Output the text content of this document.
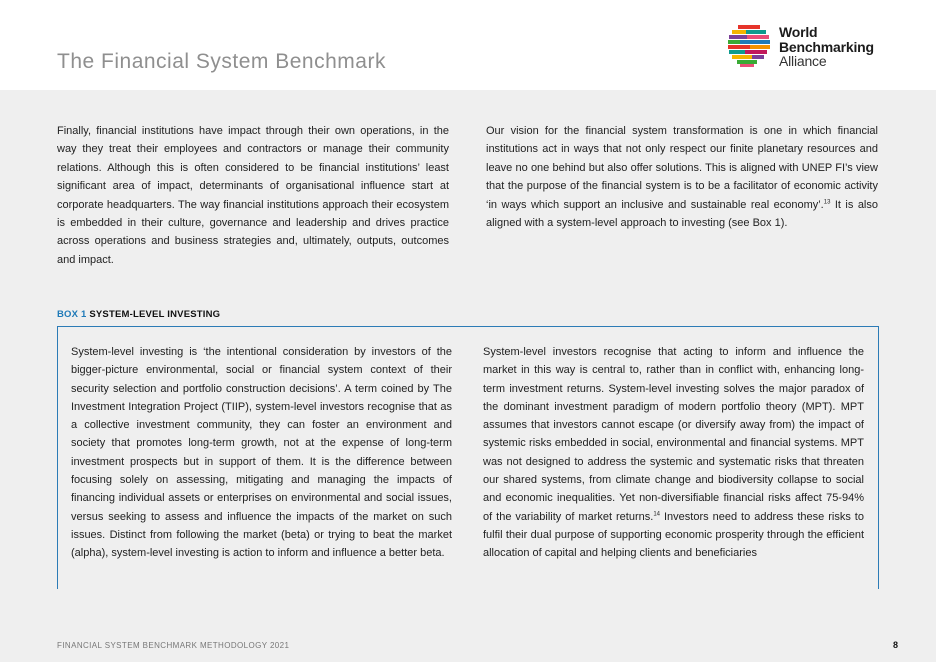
The Financial System Benchmark
World
Benchmarking
Alliance

Finally, financial institutions have impact through their own operations, in the way they treat their employees and contractors or manage their community relations. Although this is often considered to be financial institutions’ least significant area of impact, determinants of organisational influence start at corporate headquarters. The way financial institutions approach their ecosystem is embedded in their culture, governance and leadership and drives practice across operations and business strategies and, ultimately, outputs, outcomes and impact.

Our vision for the financial system transformation is one in which financial institutions act in ways that not only respect our finite planetary resources and leave no one behind but also offer solutions. This is aligned with UNEP FI’s view that the purpose of the financial system is to be a facilitator of economic activity ‘in ways which support an inclusive and sustainable real economy’.$^{13}$ It is also aligned with a system-level approach to investing (see Box 1).

BOX 1 SYSTEM-LEVEL INVESTING

System-level investing is ‘the intentional consideration by investors of the bigger-picture environmental, social or financial system context of their security selection and portfolio construction decisions’. A term coined by The Investment Integration Project (TIIP), system-level investors recognise that as a collective investment community, they can foster an environment and society that promotes long-term growth, not at the expense of long-term investment prospects but in support of them. It is the difference between focusing solely on assessing, mitigating and managing the impacts of financing individual assets or enterprises on environmental and social issues, versus seeking to assess and influence the impacts of the market on such issues. Distinct from following the market (beta) or trying to beat the market (alpha), system-level investing is action to inform and influence a better beta.

System-level investors recognise that acting to inform and influence the market in this way is central to, rather than in conflict with, enhancing long-term investment returns. System-level investing solves the major paradox of the dominant investment paradigm of modern portfolio theory (MPT). MPT assumes that investors cannot escape (or diversify away from) the impact of systemic risks embedded in social, environmental and financial systems. MPT was not designed to address the systemic and systematic risks that threaten our shared systems, from climate change and biodiversity collapse to social and economic inequalities. Yet non-diversifiable financial risks affect 75-94% of the variability of market returns.$^{14}$ Investors need to address these risks to fulfil their dual purpose of supporting economic prosperity through the efficient allocation of capital and helping clients and beneficiaries

FINANCIAL SYSTEM BENCHMARK METHODOLOGY 2021	8
